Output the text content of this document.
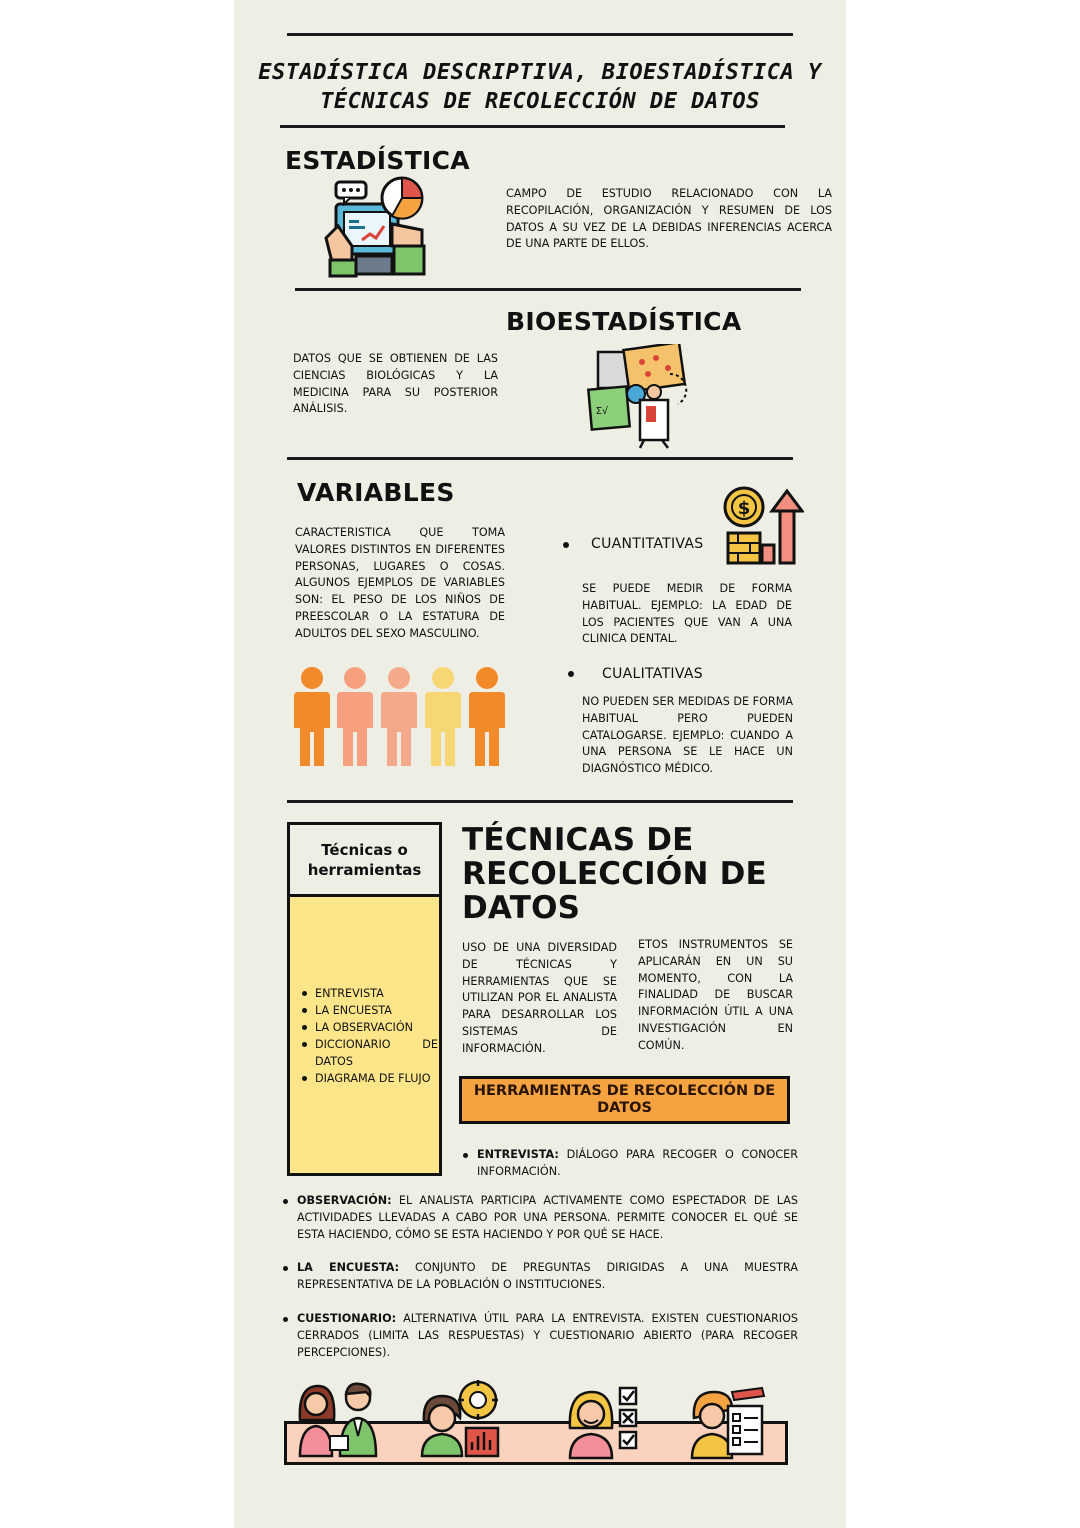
ESTADÍSTICA DESCRIPTIVA, BIOESTADÍSTICA Y
TÉCNICAS DE RECOLECCIÓN DE DATOS
ESTADÍSTICA
CAMPO DE ESTUDIO RELACIONADO CON LA RECOPILACIÓN, ORGANIZACIÓN Y RESUMEN DE LOS DATOS A SU VEZ DE LA DEBIDAS INFERENCIAS ACERCA DE UNA PARTE DE ELLOS.
BIOESTADÍSTICA
DATOS QUE SE OBTIENEN DE LAS CIENCIAS BIOLÓGICAS Y LA MEDICINA PARA SU POSTERIOR ANÁLISIS.	Σ√
VARIABLES
CARACTERISTICA QUE TOMA VALORES DISTINTOS EN DIFERENTES PERSONAS, LUGARES O COSAS. ALGUNOS EJEMPLOS DE VARIABLES SON: EL PESO DE LOS NIÑOS DE PREESCOLAR O LA ESTATURA DE ADULTOS DEL SEXO MASCULINO.
CUANTITATIVAS
$
SE PUEDE MEDIR DE FORMA HABITUAL. EJEMPLO: LA EDAD DE LOS PACIENTES QUE VAN A UNA CLINICA DENTAL.
CUALITATIVAS
NO PUEDEN SER MEDIDAS DE FORMA HABITUAL PERO PUEDEN CATALOGARSE. EJEMPLO: CUANDO A UNA PERSONA SE LE HACE UN DIAGNÓSTICO MÉDICO.
Técnicas o herramientas
ENTREVISTA
LA ENCUESTA
LA OBSERVACIÓN
DICCIONARIO DE DATOS
DIAGRAMA DE FLUJO
TÉCNICAS DE
RECOLECCIÓN DE
DATOS
USO DE UNA DIVERSIDAD DE TÉCNICAS Y HERRAMIENTAS QUE SE UTILIZAN POR EL ANALISTA PARA DESARROLLAR LOS SISTEMAS DE INFORMACIÓN.
ETOS INSTRUMENTOS SE APLICARÁN EN UN SU MOMENTO, CON LA FINALIDAD DE BUSCAR INFORMACIÓN ÚTIL A UNA INVESTIGACIÓN EN COMÚN.
HERRAMIENTAS DE RECOLECCIÓN DE DATOS
ENTREVISTA: DIÁLOGO PARA RECOGER O CONOCER INFORMACIÓN.
OBSERVACIÓN: EL ANALISTA PARTICIPA ACTIVAMENTE COMO ESPECTADOR DE LAS ACTIVIDADES LLEVADAS A CABO POR UNA PERSONA. PERMITE CONOCER EL QUÉ SE ESTA HACIENDO, CÓMO SE ESTA HACIENDO Y POR QUÉ SE HACE.
LA ENCUESTA: CONJUNTO DE PREGUNTAS DIRIGIDAS A UNA MUESTRA REPRESENTATIVA DE LA POBLACIÓN O INSTITUCIONES.
CUESTIONARIO: ALTERNATIVA ÚTIL PARA LA ENTREVISTA. EXISTEN CUESTIONARIOS CERRADOS (LIMITA LAS RESPUESTAS) Y CUESTIONARIO ABIERTO (PARA RECOGER PERCEPCIONES).
